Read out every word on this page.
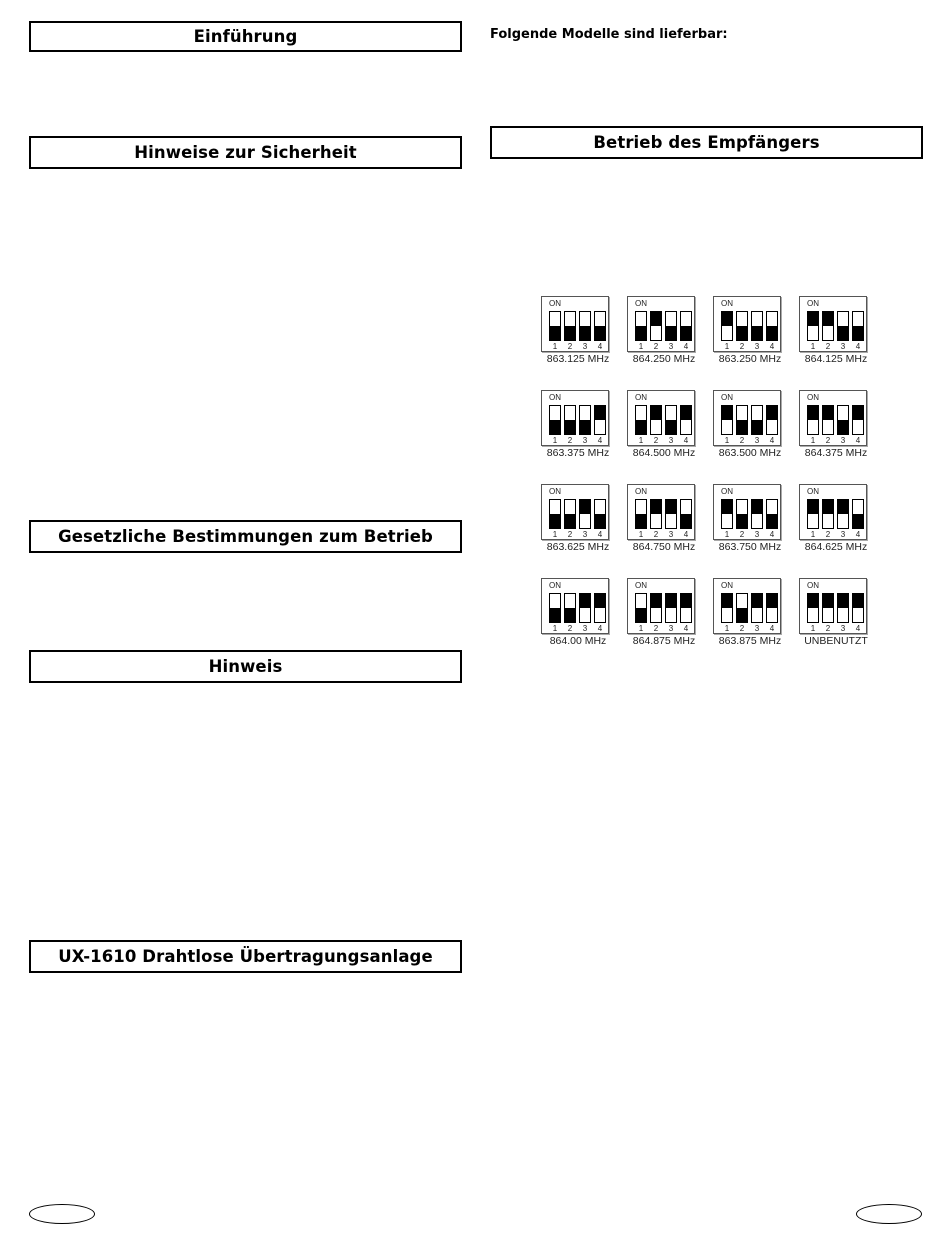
Einführung
Hinweise zur Sicherheit
Gesetzliche Bestimmungen zum Betrieb
Hinweis
UX-1610 Drahtlose Übertragungsanlage
Folgende Modelle sind lieferbar:
Betrieb des Empfängers
ON
1	2	3	4
863.125 MHz
ON
1	2	3	4
864.250 MHz
ON
1	2	3	4
863.250 MHz
ON
1	2	3	4
864.125 MHz
ON
1	2	3	4
863.375 MHz
ON
1	2	3	4
864.500 MHz
ON
1	2	3	4
863.500 MHz
ON
1	2	3	4
864.375 MHz
ON
1	2	3	4
863.625 MHz
ON
1	2	3	4
864.750 MHz
ON
1	2	3	4
863.750 MHz
ON
1	2	3	4
864.625 MHz
ON
1	2	3	4
864.00 MHz
ON
1	2	3	4
864.875 MHz
ON
1	2	3	4
863.875 MHz
ON
1	2	3	4
UNBENUTZT
